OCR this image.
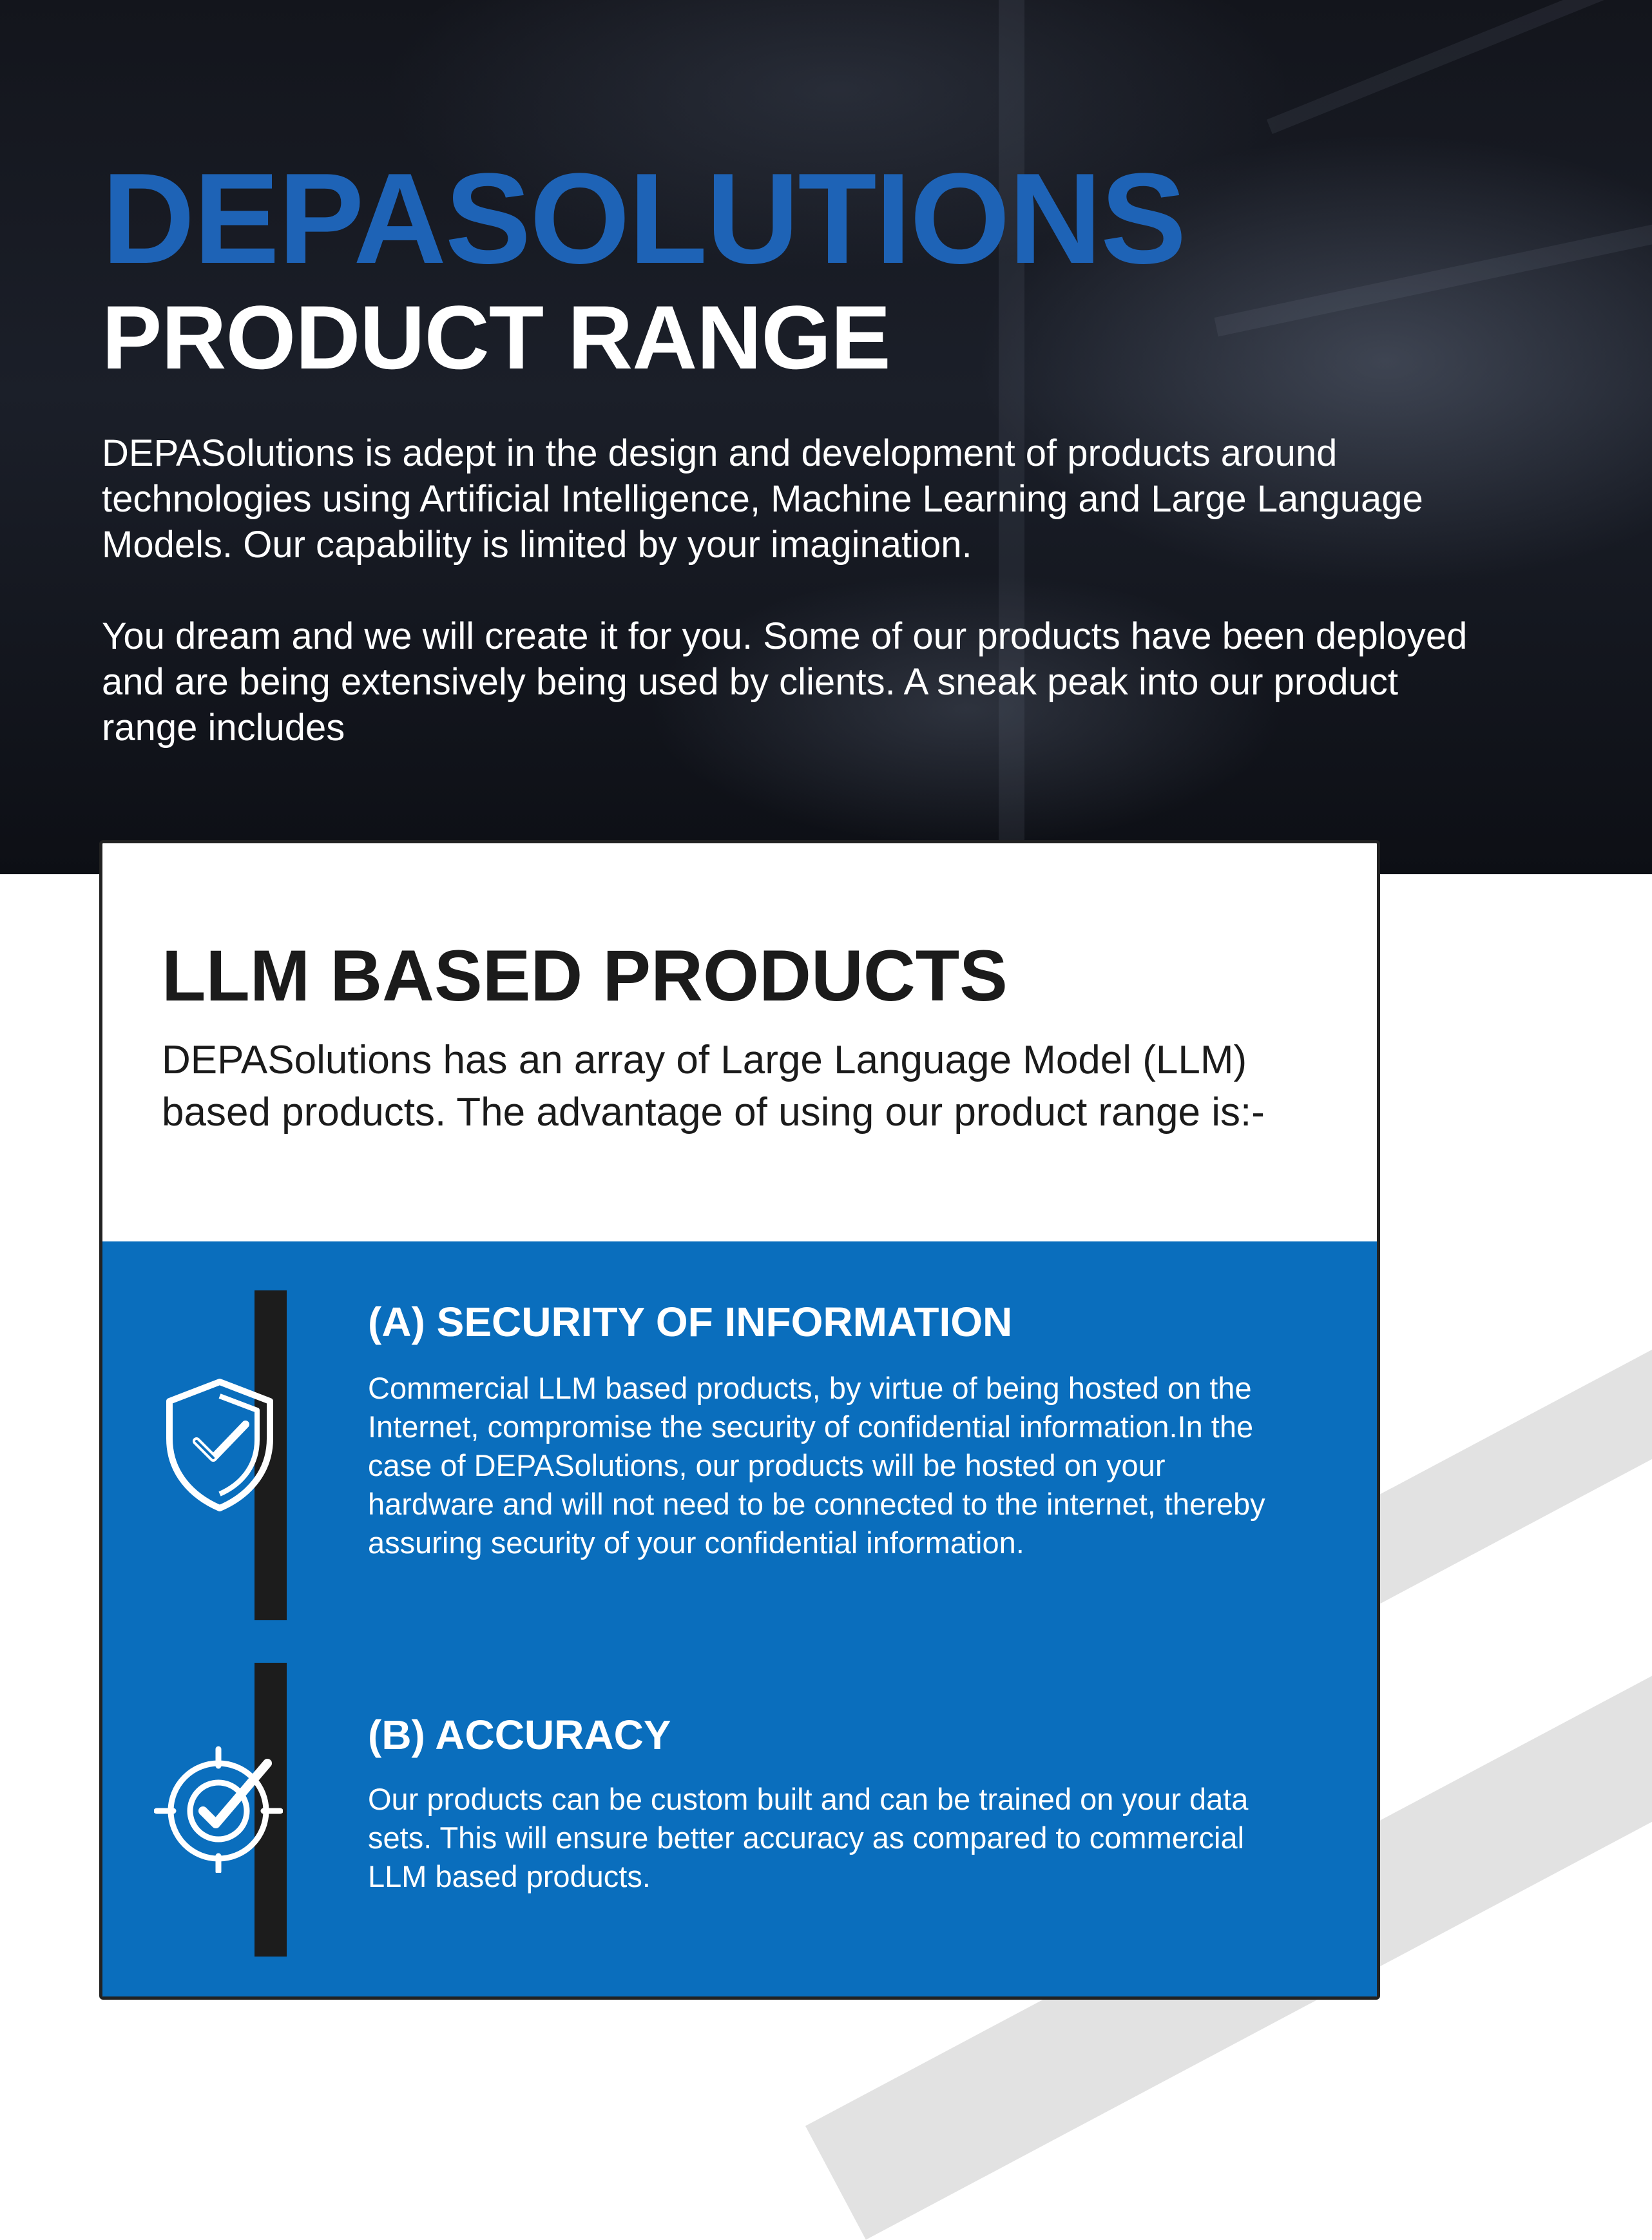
DEPASOLUTIONS
PRODUCT RANGE

DEPASolutions is adept in the design and development of products around technologies using Artificial Intelligence, Machine Learning and Large Language Models. Our capability is limited by your imagination.

You dream and we will create it for you. Some of our products have been deployed and are being extensively being used by clients. A sneak peak into our product range includes

LLM BASED PRODUCTS

DEPASolutions has an array of Large Language Model (LLM) based products. The advantage of using our product range is:-

(A) SECURITY OF INFORMATION

Commercial LLM based products, by virtue of being hosted on the Internet, compromise the security of confidential information.In the case of DEPASolutions, our products will be hosted on your hardware and will not need to be connected to the internet, thereby assuring security of your confidential information.

(B) ACCURACY

Our products can be custom built and can be trained on your data sets. This will ensure better accuracy as compared to commercial LLM based products.
